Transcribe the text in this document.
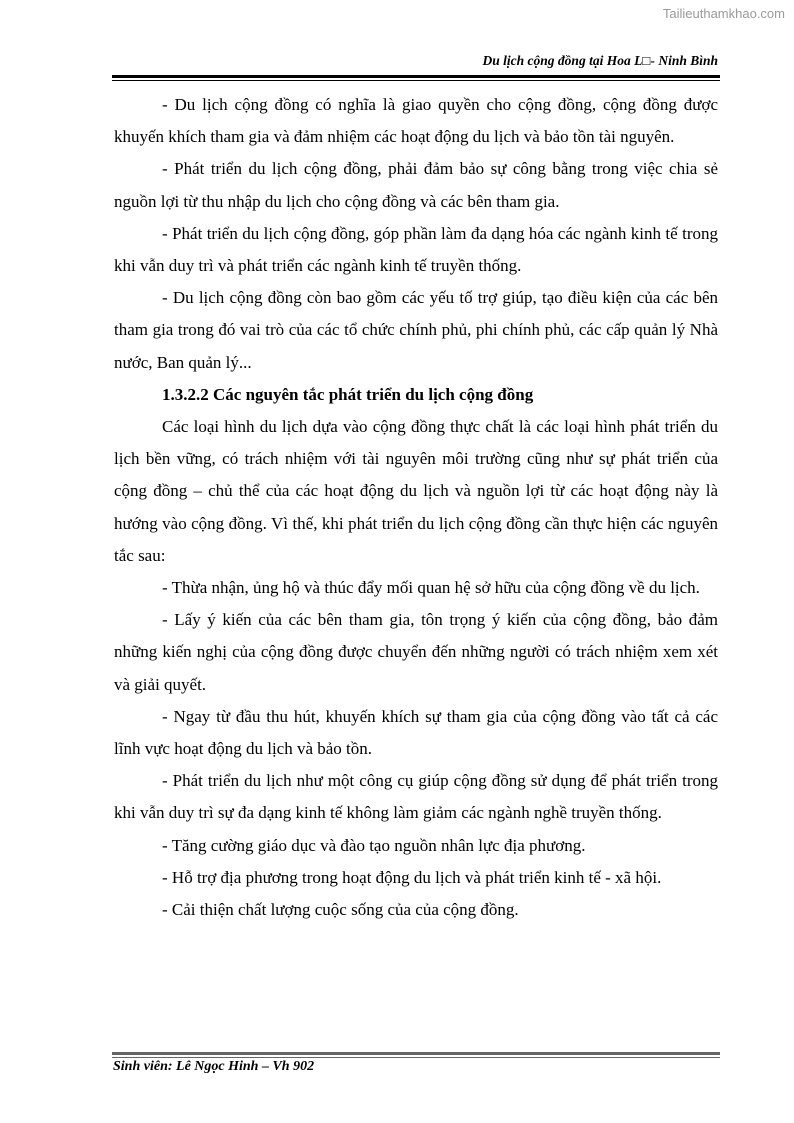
Tailieuthamkhao.com
Du lịch cộng đồng tại Hoa L□- Ninh Bình

- Du lịch cộng đồng có nghĩa là giao quyền cho cộng đồng, cộng đồng được khuyến khích tham gia và đảm nhiệm các hoạt động du lịch và bảo tồn tài nguyên.

- Phát triển du lịch cộng đồng, phải đảm bảo sự công bằng trong việc chia sẻ nguồn lợi từ thu nhập du lịch cho cộng đồng và các bên tham gia.

- Phát triển du lịch cộng đồng, góp phần làm đa dạng hóa các ngành kinh tế trong khi vẫn duy trì và phát triển các ngành kinh tế truyền thống.

- Du lịch cộng đồng còn bao gồm các yếu tố trợ giúp, tạo điều kiện của các bên tham gia trong đó vai trò của các tổ chức chính phủ, phi chính phủ, các cấp quản lý Nhà nước, Ban quản lý...

1.3.2.2 Các nguyên tắc phát triển du lịch cộng đồng

Các loại hình du lịch dựa vào cộng đồng thực chất là các loại hình phát triển du lịch bền vững, có trách nhiệm với tài nguyên môi trường cũng như sự phát triển của cộng đồng – chủ thể của các hoạt động du lịch và nguồn lợi từ các hoạt động này là hướng vào cộng đồng. Vì thế, khi phát triển du lịch cộng đồng cần thực hiện các nguyên tắc sau:

- Thừa nhận, ủng hộ và thúc đẩy mối quan hệ sở hữu của cộng đồng về du lịch.

- Lấy ý kiến của các bên tham gia, tôn trọng ý kiến của cộng đồng, bảo đảm những kiến nghị của cộng đồng được chuyển đến những người có trách nhiệm xem xét và giải quyết.

- Ngay từ đầu thu hút, khuyến khích sự tham gia của cộng đồng vào tất cả các lĩnh vực hoạt động du lịch và bảo tồn.

- Phát triển du lịch như một công cụ giúp cộng đồng sử dụng để phát triển trong khi vẫn duy trì sự đa dạng kinh tế không làm giảm các ngành nghề truyền thống.

- Tăng cường giáo dục và đào tạo nguồn nhân lực địa phương.

- Hỗ trợ địa phương trong hoạt động du lịch và phát triển kinh tế - xã hội.

- Cải thiện chất lượng cuộc sống của của cộng đồng.

Sinh viên: Lê Ngọc Hinh – Vh 902
